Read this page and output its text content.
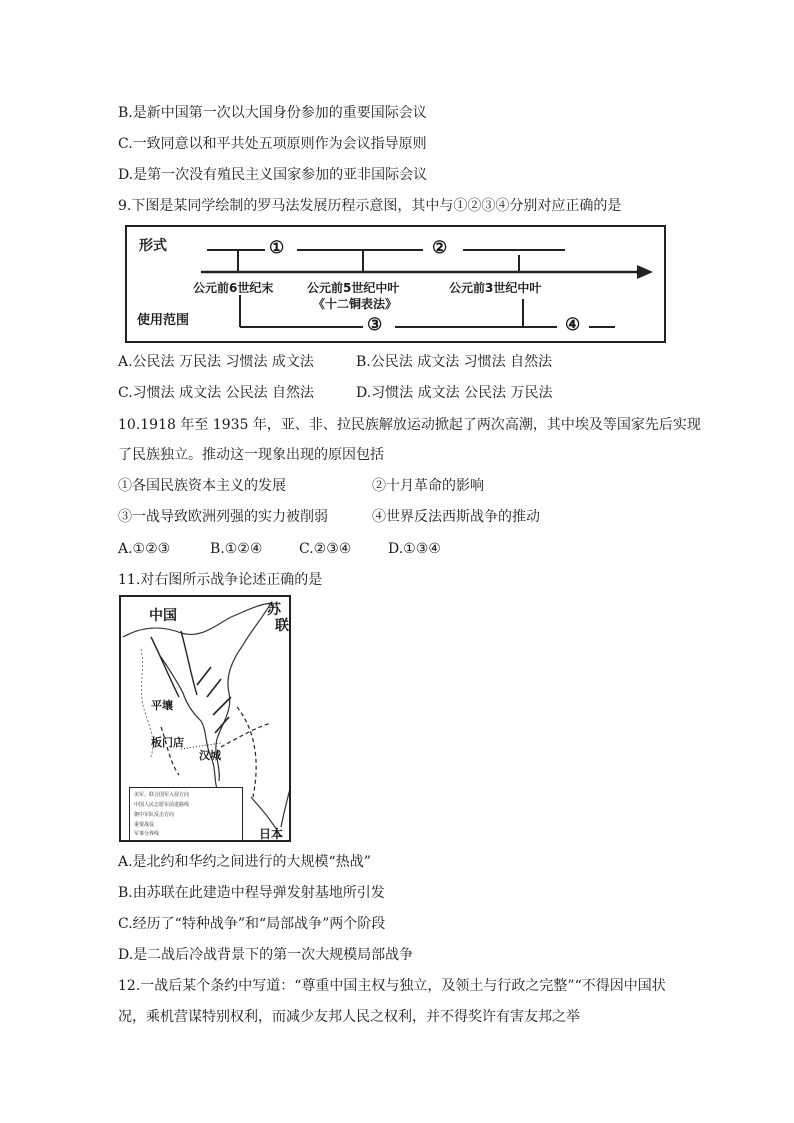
B.是新中国第一次以大国身份参加的重要国际会议
C.一致同意以和平共处五项原则作为会议指导原则
D.是第一次没有殖民主义国家参加的亚非国际会议
9.下图是某同学绘制的罗马法发展历程示意图，其中与①②③④分别对应正确的是
形式
使用范围
①	②
③	④
公元前6世纪末	公元前5世纪中叶
《十二铜表法》
公元前3世纪中叶
A.公民法 万民法 习惯法 成文法	B.公民法 成文法 习惯法 自然法
C.习惯法 成文法 公民法 自然法	D.习惯法 成文法 公民法 万民法
10.1918 年至 1935 年，亚、非、拉民族解放运动掀起了两次高潮，其中埃及等国家先后实现
了民族独立。推动这一现象出现的原因包括
①各国民族资本主义的发展	②十月革命的影响
③一战导致欧洲列强的实力被削弱	④世界反法西斯战争的推动
A.①②③	B.①②④	C.②③④	D.①③④
11.对右图所示战争论述正确的是
中国	苏
联
平壤
板门店
汉城
日本
美军、联合国军入侵方向
中国人民志愿军前进路线
朝中军队反击方向
重要战役
军事分界线
A.是北约和华约之间进行的大规模“热战”
B.由苏联在此建造中程导弹发射基地所引发
C.经历了“特种战争”和“局部战争”两个阶段
D.是二战后冷战背景下的第一次大规模局部战争
12.一战后某个条约中写道：“尊重中国主权与独立，及领土与行政之完整”“不得因中国状
况，乘机营谋特别权利，而减少友邦人民之权利，并不得奖许有害友邦之举
